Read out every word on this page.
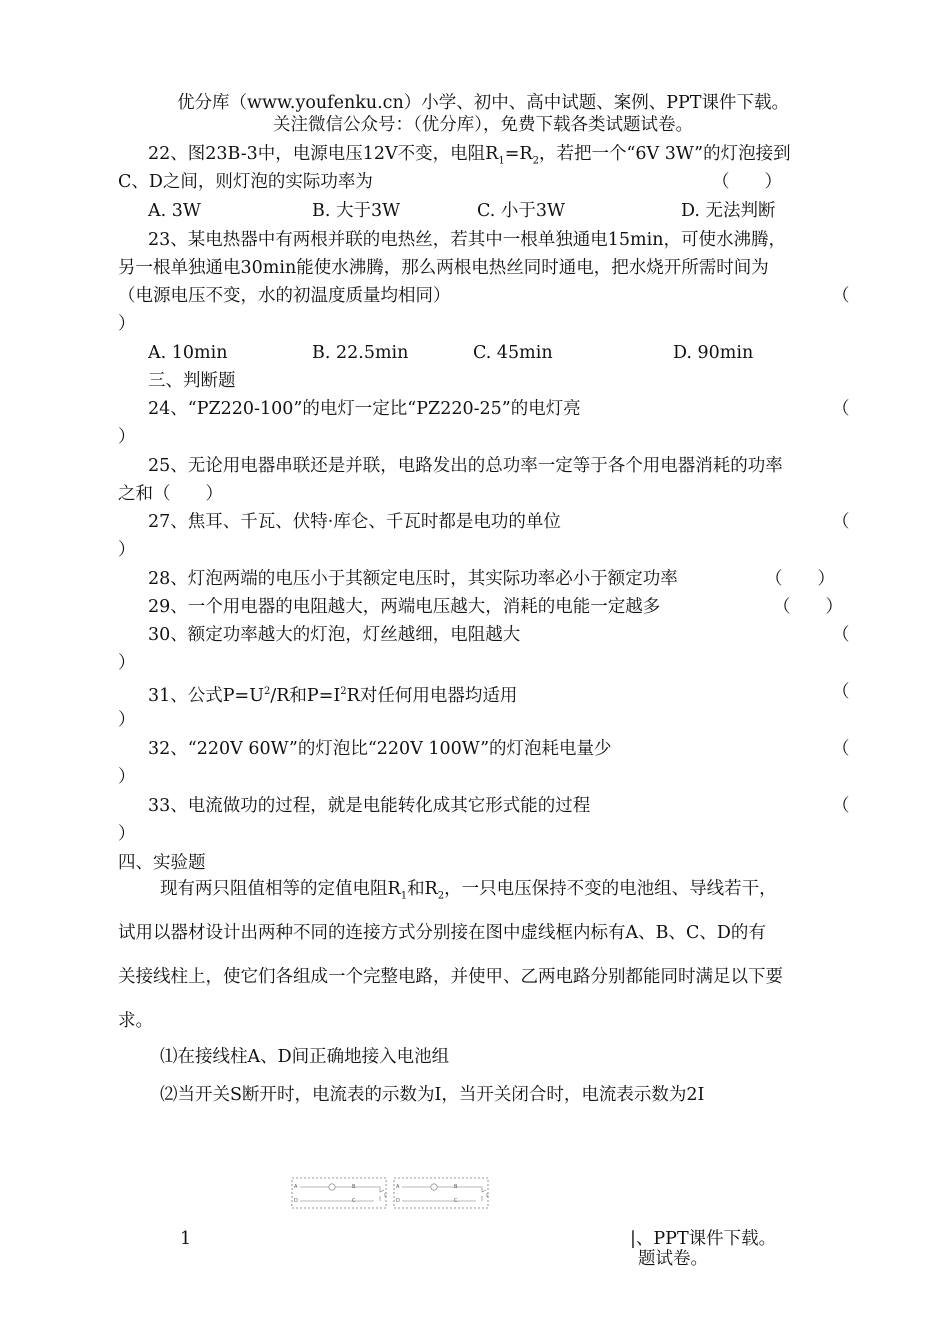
优分库（www.youfenku.cn）小学、初中、高中试题、案例、PPT课件下载。
关注微信公众号：（优分库），免费下载各类试题试卷。
22、图23B-3中，电源电压12V不变，电阻$R_1=R_2$，若把一个“6V 3W”的灯泡接到
C、D之间，则灯泡的实际功率为	（　　）
A. 3W	B. 大于3W	C. 小于3W	D. 无法判断
23、某电热器中有两根并联的电热丝，若其中一根单独通电15min，可使水沸腾，
另一根单独通电30min能使水沸腾，那么两根电热丝同时通电，把水烧开所需时间为
（电源电压不变，水的初温度质量均相同）	（
）
A. 10min	B. 22.5min	C. 45min	D. 90min
三、判断题
24、“PZ220-100”的电灯一定比“PZ220-25”的电灯亮	（
）
25、无论用电器串联还是并联，电路发出的总功率一定等于各个用电器消耗的功率
之和（　　）
27、焦耳、千瓦、伏特·库仑、千瓦时都是电功的单位	（
）
28、灯泡两端的电压小于其额定电压时，其实际功率必小于额定功率	（　　）
29、一个用电器的电阻越大，两端电压越大，消耗的电能一定越多	（　　）
30、额定功率越大的灯泡，灯丝越细，电阻越大	（
）
31、公式$P=U^2/R$和$P=I^2R$对任何用电器均适用	（
）
32、“220V 60W”的灯泡比“220V 100W”的灯泡耗电量少	（
）
33、电流做功的过程，就是电能转化成其它形式能的过程	（
）
四、实验题
现有两只阻值相等的定值电阻$R_1$和$R_2$，一只电压保持不变的电池组、导线若干，
试用以器材设计出两种不同的连接方式分别接在图中虚线框内标有A、B、C、D的有
关接线柱上，使它们各组成一个完整电路，并使甲、乙两电路分别都能同时满足以下要
求。
⑴在接线柱A、D间正确地接入电池组
⑵当开关S断开时，电流表的示数为I，当开关闭合时，电流表示数为2I
A	B
C
D
S
A	B
C
D
S
1	|、PPT课件下载。
题试卷。
